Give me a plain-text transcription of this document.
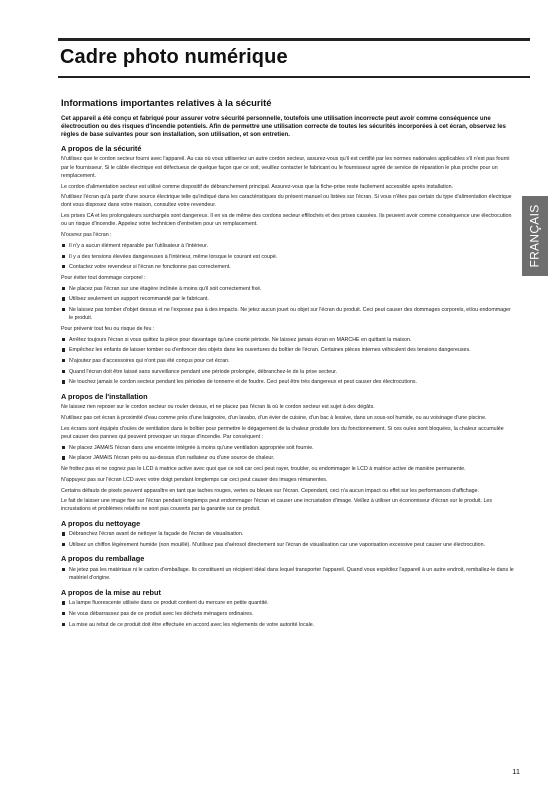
Cadre photo numérique
FRANÇAIS
Informations importantes relatives à la sécurité

Cet appareil a été conçu et fabriqué pour assurer votre sécurité personnelle, toutefois une utilisation incorrecte peut avoir comme conséquence une électrocution ou des risques d'incendie potentiels. Afin de permettre une utilisation correcte de toutes les sécurités incorporées à cet écran, observez les règles de base suivantes pour son installation, son utilisation, et son entretien.

A propos de la sécurité

N'utilisez que le cordon secteur fourni avec l'appareil. Au cas où vous utiliseriez un autre cordon secteur, assurez-vous qu'il est certifié par les normes nationales applicables s'il n'est pas fourni par le fournisseur. Si le câble électrique est défectueux de quelque façon que ce soit, veuillez contacter le fabricant ou le fournisseur agréé de service de réparation le plus proche pour un remplacement.

Le cordon d'alimentation secteur est utilisé comme dispositif de débranchement principal. Assurez-vous que la fiche-prise reste facilement accessible après installation.

N'utilisez l'écran qu'à partir d'une source électrique telle qu'indiqué dans les caractéristiques du présent manuel ou listées sur l'écran. Si vous n'êtes pas certain du type d'alimentation électrique dont vous disposez dans votre maison, consultez votre revendeur.

Les prises CA et les prolongateurs surchargés sont dangereux. Il en va de même des cordons secteur effilochés et des prises cassées. Ils peuvent avoir comme conséquence une électrocution ou un risque d'incendie. Appelez votre technicien d'entretien pour un remplacement.

N'ouvrez pas l'écran :

Il n'y a aucun élément réparable par l'utilisateur à l'intérieur.
Il y a des tensions élevées dangereuses à l'intérieur, même lorsque le courant est coupé.
Contactez votre revendeur si l'écran ne fonctionne pas correctement.

Pour éviter tout dommage corporel :

Ne placez pas l'écran sur une étagère inclinée à moins qu'il soit correctement fixé.
Utilisez seulement un support recommandé par le fabricant.
Ne laissez pas tomber d'objet dessus et ne l'exposez pas à des impacts. Ne jetez aucun jouet ou objet sur l'écran du produit. Ceci peut causer des dommages corporels, et/ou endommager le produit.

Pour prévenir tout feu ou risque de feu :

Arrêtez toujours l'écran si vous quittez la pièce pour davantage qu'une courte période. Ne laissez jamais écran en MARCHE en quittant la maison.
Empêchez les enfants de laisser tomber ou d'enfoncer des objets dans les ouvertures du boîtier de l'écran. Certaines pièces internes véhiculent des tensions dangereuses.
N'ajoutez pas d'accessoires qui n'ont pas été conçus pour cet écran.
Quand l'écran doit être laissé sans surveillance pendant une période prolongée, débranchez-le de la prise secteur.
Ne touchez jamais le cordon secteur pendant les périodes de tonnerre et de foudre. Ceci peut être très dangereux et peut causer des électrocutions.
A propos de l'installation

Ne laissez rien reposer sur le cordon secteur ou rouler dessus, et ne placez pas l'écran là où le cordon secteur est sujet à des dégâts.

N'utilisez pas cet écran à proximité d'eau comme près d'une baignoire, d'un lavabo, d'un évier de cuisine, d'un bac à lessive, dans un sous-sol humide, ou au voisinage d'une piscine.

Les écrans sont équipés d'ouïes de ventilation dans le boîtier pour permettre le dégagement de la chaleur produite lors du fonctionnement. Si ces ouïes sont bloquées, la chaleur accumulée peut causer des pannes qui peuvent provoquer un risque d'incendie. Par conséquent :

Ne placez JAMAIS l'écran dans une enceinte intégrée à moins qu'une ventilation appropriée soit fournie.
Ne placer JAMAIS l'écran près ou au-dessus d'un radiateur ou d'une source de chaleur.

Ne frottez pas et ne cognez pas le LCD à matrice active avec quoi que ce soit car ceci peut rayer, troubler, ou endommager le LCD à matrice active de manière permanente.

N'appuyez pas sur l'écran LCD avec votre doigt pendant longtemps car ceci peut causer des images rémanentes.

Certains défauts de pixels peuvent apparaître en tant que taches rouges, vertes ou bleues sur l'écran. Cependant, ceci n'a aucun impact ou effet sur les performances d'affichage.

Le fait de laisser une image fixe sur l'écran pendant longtemps peut endommager l'écran et causer une incrustation d'image. Veillez à utiliser un économiseur d'écran sur le produit. Les incrustations et problèmes relatifs ne sont pas couverts par la garantie sur ce produit.

A propos du nettoyage
Débranchez l'écran avant de nettoyer la façade de l'écran de visualisation.
Utilisez un chiffon légèrement humide (non mouillé). N'utilisez pas d'aérosol directement sur l'écran de visualisation car une vaporisation excessive peut causer une électrocution.
A propos du remballage
Ne jetez pas les matériaux ni le carton d'emballage. Ils constituent un récipient idéal dans lequel transporter l'appareil. Quand vous expédiez l'appareil à un autre endroit, remballez-le dans le matériel d'origine.
A propos de la mise au rebut
La lampe fluorescente utilisée dans ce produit contient du mercure en petite quantité.
Ne vous débarrassez pas de ce produit avec les déchets ménagers ordinaires.
La mise au rebut de ce produit doit être effectuée en accord avec les règlements de votre autorité locale.
11
